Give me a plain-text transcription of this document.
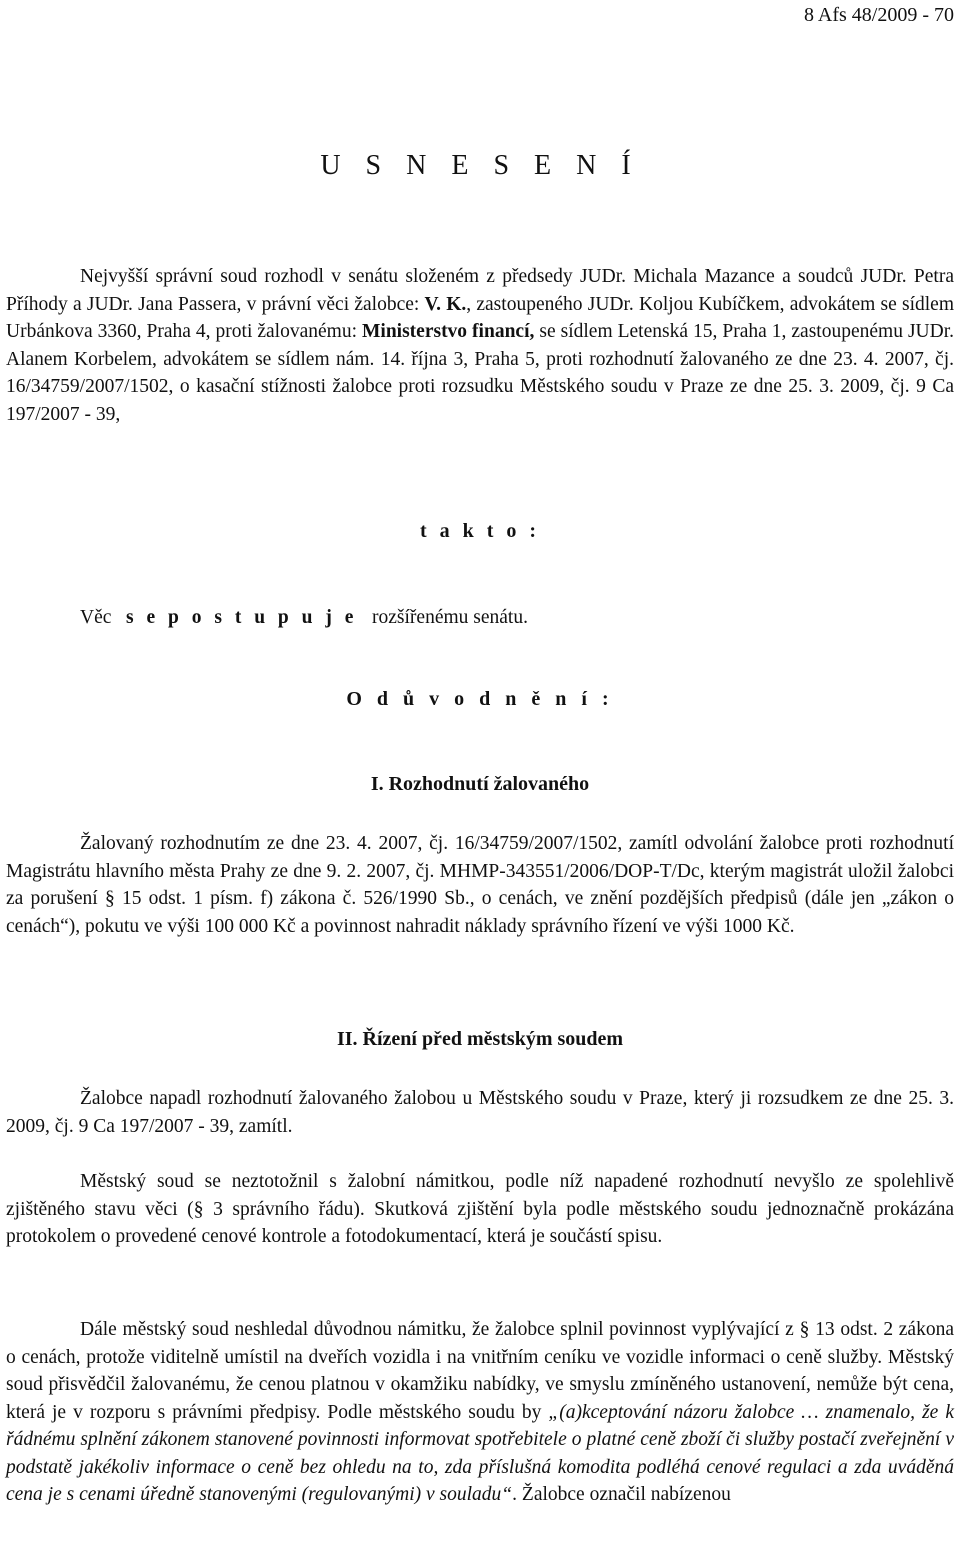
8 Afs 48/2009 - 70
U S N E S E N Í

Nejvyšší správní soud rozhodl v senátu složeném z předsedy JUDr. Michala Mazance a soudců JUDr. Petra Příhody a JUDr. Jana Passera, v právní věci žalobce: V. K., zastoupeného JUDr. Koljou Kubíčkem, advokátem se sídlem Urbánkova 3360, Praha 4, proti žalovanému: Ministerstvo financí, se sídlem Letenská 15, Praha 1, zastoupenému JUDr. Alanem Korbelem, advokátem se sídlem nám. 14. října 3, Praha 5, proti rozhodnutí žalovaného ze dne 23. 4. 2007, čj. 16/34759/2007/1502, o kasační stížnosti žalobce proti rozsudku Městského soudu v Praze ze dne 25. 3. 2009, čj. 9 Ca 197/2007 - 39,

t a k t o :
Věc s e p o s t u p u j e rozšířenému senátu.
O d ů v o d n ě n í :
I. Rozhodnutí žalovaného

Žalovaný rozhodnutím ze dne 23. 4. 2007, čj. 16/34759/2007/1502, zamítl odvolání žalobce proti rozhodnutí Magistrátu hlavního města Prahy ze dne 9. 2. 2007, čj. MHMP-343551/2006/DOP-T/Dc, kterým magistrát uložil žalobci za porušení § 15 odst. 1 písm. f) zákona č. 526/1990 Sb., o cenách, ve znění pozdějších předpisů (dále jen „zákon o cenách“), pokutu ve výši 100 000 Kč a povinnost nahradit náklady správního řízení ve výši 1000 Kč.

II. Řízení před městským soudem

Žalobce napadl rozhodnutí žalovaného žalobou u Městského soudu v Praze, který ji rozsudkem ze dne 25. 3. 2009, čj. 9 Ca 197/2007 - 39, zamítl.

Městský soud se neztotožnil s žalobní námitkou, podle níž napadené rozhodnutí nevyšlo ze spolehlivě zjištěného stavu věci (§ 3 správního řádu). Skutková zjištění byla podle městského soudu jednoznačně prokázána protokolem o provedené cenové kontrole a fotodokumentací, která je součástí spisu.

Dále městský soud neshledal důvodnou námitku, že žalobce splnil povinnost vyplývající z § 13 odst. 2 zákona o cenách, protože viditelně umístil na dveřích vozidla i na vnitřním ceníku ve vozidle informaci o ceně služby. Městský soud přisvědčil žalovanému, že cenou platnou v okamžiku nabídky, ve smyslu zmíněného ustanovení, nemůže být cena, která je v rozporu s právními předpisy. Podle městského soudu by „(a)kceptování názoru žalobce … znamenalo, že k řádnému splnění zákonem stanovené povinnosti informovat spotřebitele o platné ceně zboží či služby postačí zveřejnění v podstatě jakékoliv informace o ceně bez ohledu na to, zda příslušná komodita podléhá cenové regulaci a zda uváděná cena je s cenami úředně stanovenými (regulovanými) v souladu“. Žalobce označil nabízenou
